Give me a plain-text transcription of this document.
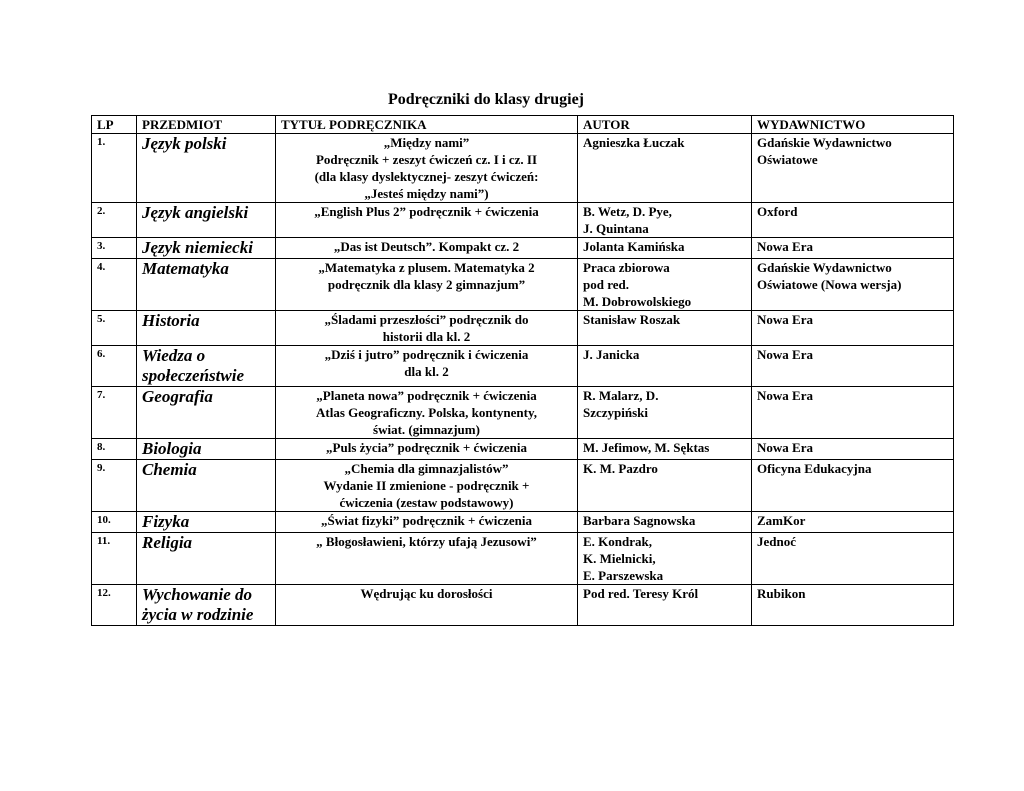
Podręczniki do klasy drugiej
LP	PRZEDMIOT	TYTUŁ PODRĘCZNIKA	AUTOR	WYDAWNICTWO
1.	Język polski	„Między nami”
Podręcznik + zeszyt ćwiczeń cz. I i cz. II
(dla klasy dyslektycznej- zeszyt ćwiczeń:
„Jesteś między nami”)	Agnieszka Łuczak	Gdańskie Wydawnictwo
Oświatowe

2.	Język angielski	„English Plus 2” podręcznik + ćwiczenia	B. Wetz, D. Pye,
J. Quintana	Oxford

3.	Język niemiecki	„Das ist Deutsch”. Kompakt cz. 2	Jolanta Kamińska	Nowa Era

4.	Matematyka	„Matematyka z plusem. Matematyka 2
podręcznik dla klasy 2 gimnazjum”	Praca zbiorowa
pod red.
M. Dobrowolskiego	Gdańskie Wydawnictwo
Oświatowe (Nowa wersja)

5.	Historia	„Śladami przeszłości” podręcznik do
historii dla kl. 2	Stanisław Roszak	Nowa Era

6.	Wiedza o
społeczeństwie	„Dziś i jutro” podręcznik i ćwiczenia
dla kl. 2	J. Janicka	Nowa Era

7.	Geografia	„Planeta nowa” podręcznik + ćwiczenia
Atlas Geograficzny. Polska, kontynenty,
świat. (gimnazjum)	R. Malarz, D.
Szczypiński	Nowa Era

8.	Biologia	„Puls życia” podręcznik + ćwiczenia	M. Jefimow, M. Sęktas	Nowa Era

9.	Chemia	„Chemia dla gimnazjalistów”
Wydanie II zmienione - podręcznik +
ćwiczenia (zestaw podstawowy)	K. M. Pazdro	Oficyna Edukacyjna

10.	Fizyka	„Świat fizyki” podręcznik + ćwiczenia	Barbara Sagnowska	ZamKor

11.	Religia	„ Błogosławieni, którzy ufają Jezusowi”	E. Kondrak,
K. Mielnicki,
E. Parszewska	Jednoć

12.	Wychowanie do
życia w rodzinie	Wędrując ku dorosłości	Pod red. Teresy Król	Rubikon
